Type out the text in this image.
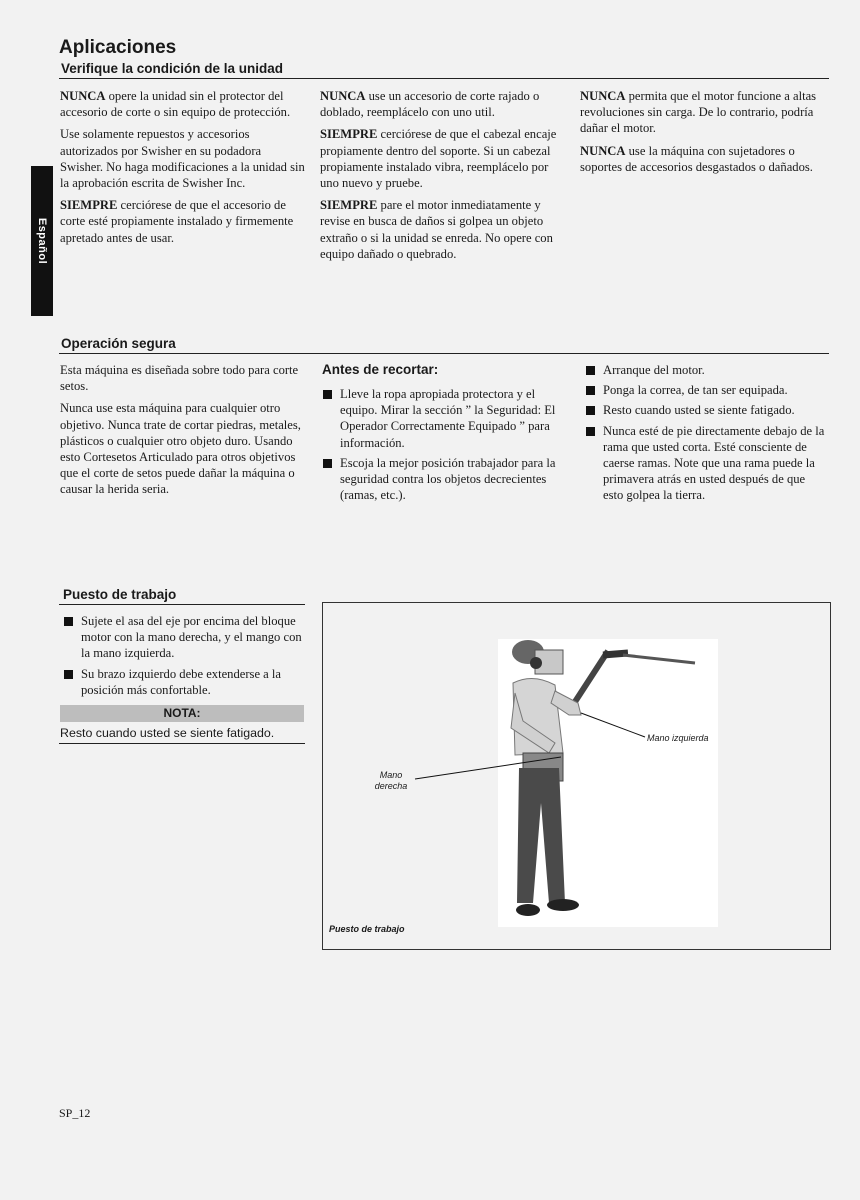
Aplicaciones
Verifique la condición de la unidad
Español

NUNCA opere la unidad sin el protector del accesorio de corte o sin equipo de protección.

Use solamente repuestos y accesorios autorizados por Swisher en su podadora Swisher. No haga modificaciones a la unidad sin la aprobación escrita de Swisher Inc.

SIEMPRE cerciórese de que el accesorio de corte esté propiamente instalado y firmemente apretado antes de usar.

NUNCA use un accesorio de corte rajado o doblado, reemplácelo con uno util.

SIEMPRE cerciórese de que el cabezal encaje propiamente dentro del soporte. Si un cabezal propiamente instalado vibra, reemplácelo por uno nuevo y pruebe.

SIEMPRE pare el motor inmediatamente y revise en busca de daños si golpea un objeto extraño o si la unidad se enreda. No opere con equipo dañado o quebrado.

NUNCA permita que el motor funcione a altas revoluciones sin carga. De lo contrario, podría dañar el motor.

NUNCA use la máquina con sujetadores o soportes de accesorios desgastados o dañados.

Operación segura

Esta máquina es diseñada sobre todo para corte setos.

Nunca use esta máquina para cualquier otro objetivo. Nunca trate de cortar piedras, metales, plásticos o cualquier otro objeto duro. Usando esto Cortesetos Articulado para otros objetivos que el corte de setos puede dañar la máquina o causar la herida seria.

Antes de recortar:
Lleve la ropa apropiada protectora y el equipo. Mirar la sección ” la Seguridad: El Operador Correctamente Equipado ” para información.
Escoja la mejor posición trabajador para la seguridad contra los objetos decrecientes (ramas, etc.).
Arranque del motor.
Ponga la correa, de tan ser equipada.
Resto cuando usted se siente fatigado.
Nunca esté de pie directamente debajo de la rama que usted corta. Esté consciente de caerse ramas. Note que una rama puede la primavera atrás en usted después de que esto golpea la tierra.
Puesto de trabajo
Sujete el asa del eje por encima del bloque motor con la mano derecha, y el mango con la mano izquierda.
Su brazo izquierdo debe extenderse a la posición más confortable.
NOTA:
Resto cuando usted se siente fatigado.	Mano izquierda
Mano
derecha
Puesto de trabajo
SP_12
